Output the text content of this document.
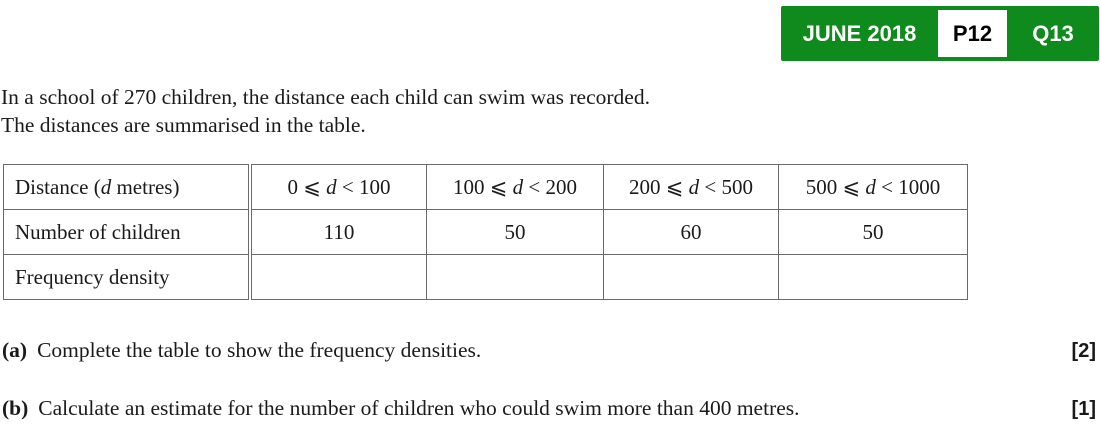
JUNE 2018	P12	Q13
In a school of 270 children, the distance each child can swim was recorded.
The distances are summarised in the table.
Distance (d metres)	0 ⩽ d < 100	100 ⩽ d < 200	200 ⩽ d < 500	500 ⩽ d < 1000
Number of children	110	50	60	50
Frequency density				
(a) Complete the table to show the frequency densities.	[2]
(b) Calculate an estimate for the number of children who could swim more than 400 metres.	[1]
